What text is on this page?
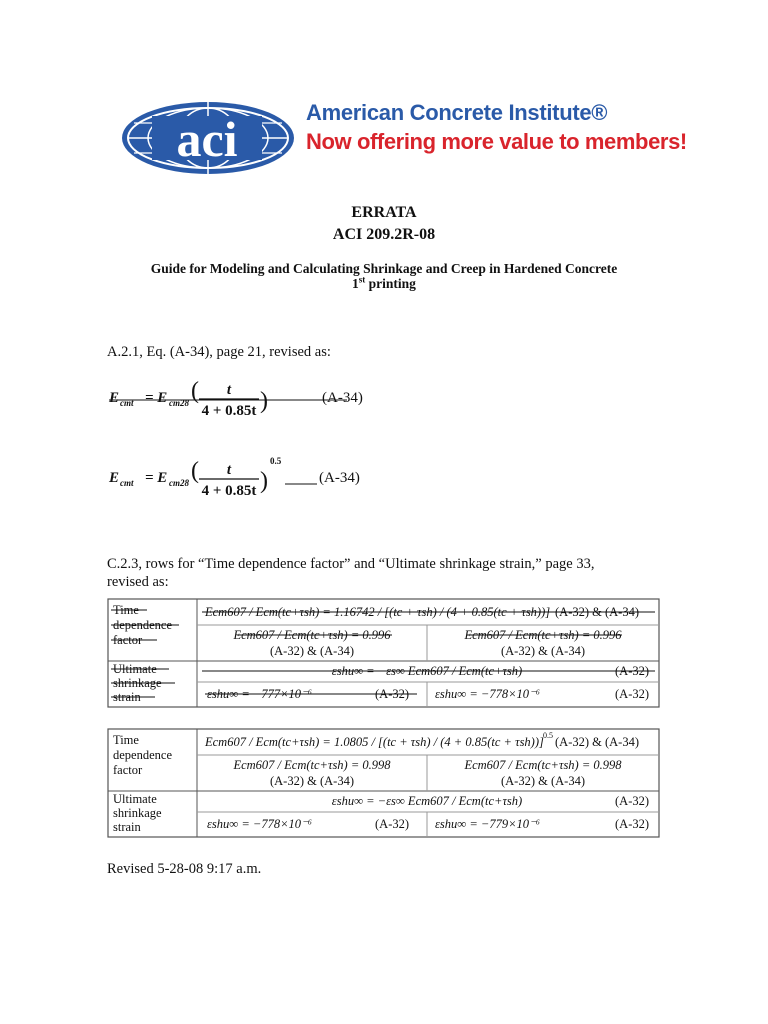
aci	American Concrete Institute®
Now offering more value to members!
ERRATA
ACI 209.2R-08
Guide for Modeling and Calculating Shrinkage and Creep in Hardened Concrete
1st printing
A.2.1, Eq. (A-34), page 21, revised as:
E cmt = E cm28 ( t
4 + 0.85t )	(A-34)
E cmt = E cm28 ( t
4 + 0.85t )
0.5
(A-34)
C.2.3, rows for “Time dependence factor” and “Ultimate shrinkage strain,” page 33, revised as:
Time
dependence
factor
Ecm607 / Ecm(tc+τsh) = 1.16742 / [(tc + τsh) / (4 + 0.85(tc + τsh))] (A-32) & (A-34)
Ecm607 / Ecm(tc+τsh) = 0.996
(A-32) & (A-34)
Ecm607 / Ecm(tc+τsh) = 0.996
(A-32) & (A-34)
Ultimate
shrinkage
strain
εshu∞ = −εs∞ Ecm607 / Ecm(tc+τsh)	(A-32)
εshu∞ = −777×10⁻⁶	(A-32) εshu∞ = −778×10⁻⁶	(A-32)
Time
dependence
factor
Ecm607 / Ecm(tc+τsh) = 1.0805 / [(tc + τsh) / (4 + 0.85(tc + τsh))] 0.5 (A-32) & (A-34)
Ecm607 / Ecm(tc+τsh) = 0.998
(A-32) & (A-34)
Ecm607 / Ecm(tc+τsh) = 0.998
(A-32) & (A-34)
Ultimate
shrinkage
strain
εshu∞ = −εs∞ Ecm607 / Ecm(tc+τsh)	(A-32)
εshu∞ = −778×10⁻⁶	(A-32) εshu∞ = −779×10⁻⁶	(A-32)
Revised 5-28-08 9:17 a.m.
